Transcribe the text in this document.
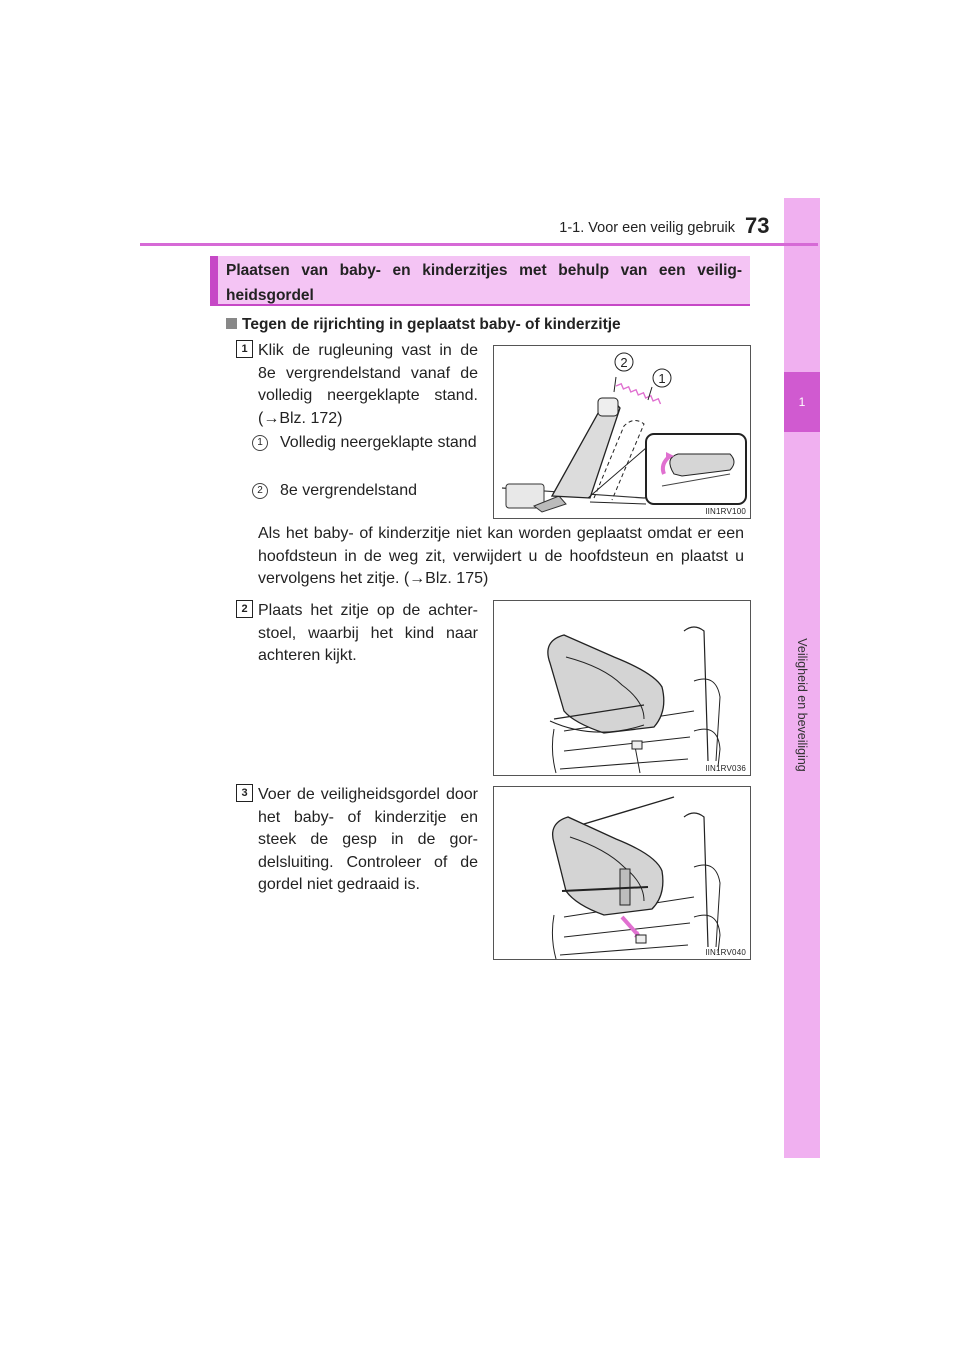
1
Veiligheid en beveiliging
1-1. Voor een veilig gebruik 73
Plaatsen van baby- en kinderzitjes met behulp van een veilig-heidsgordel
Tegen de rijrichting in geplaatst baby- of kinderzitje
1 Klik de rugleuning vast in de 8e vergrendelstand vanaf de volledig neergeklapte stand. (→Blz. 172)
1	Volledig neergeklapte stand
2	8e vergrendelstand
Als het baby- of kinderzitje niet kan worden geplaatst omdat er een hoofdsteun in de weg zit, verwijdert u de hoofdsteun en plaatst u vervolgens het zitje. (→Blz. 175)
2
1
IIN1RV100
2 Plaats het zitje op de achter-stoel, waarbij het kind naar achteren kijkt.
IIN1RV036
3 Voer de veiligheidsgordel door het baby- of kinderzitje en steek de gesp in de gor-delsluiting. Controleer of de gordel niet gedraaid is.
IIN1RV040
